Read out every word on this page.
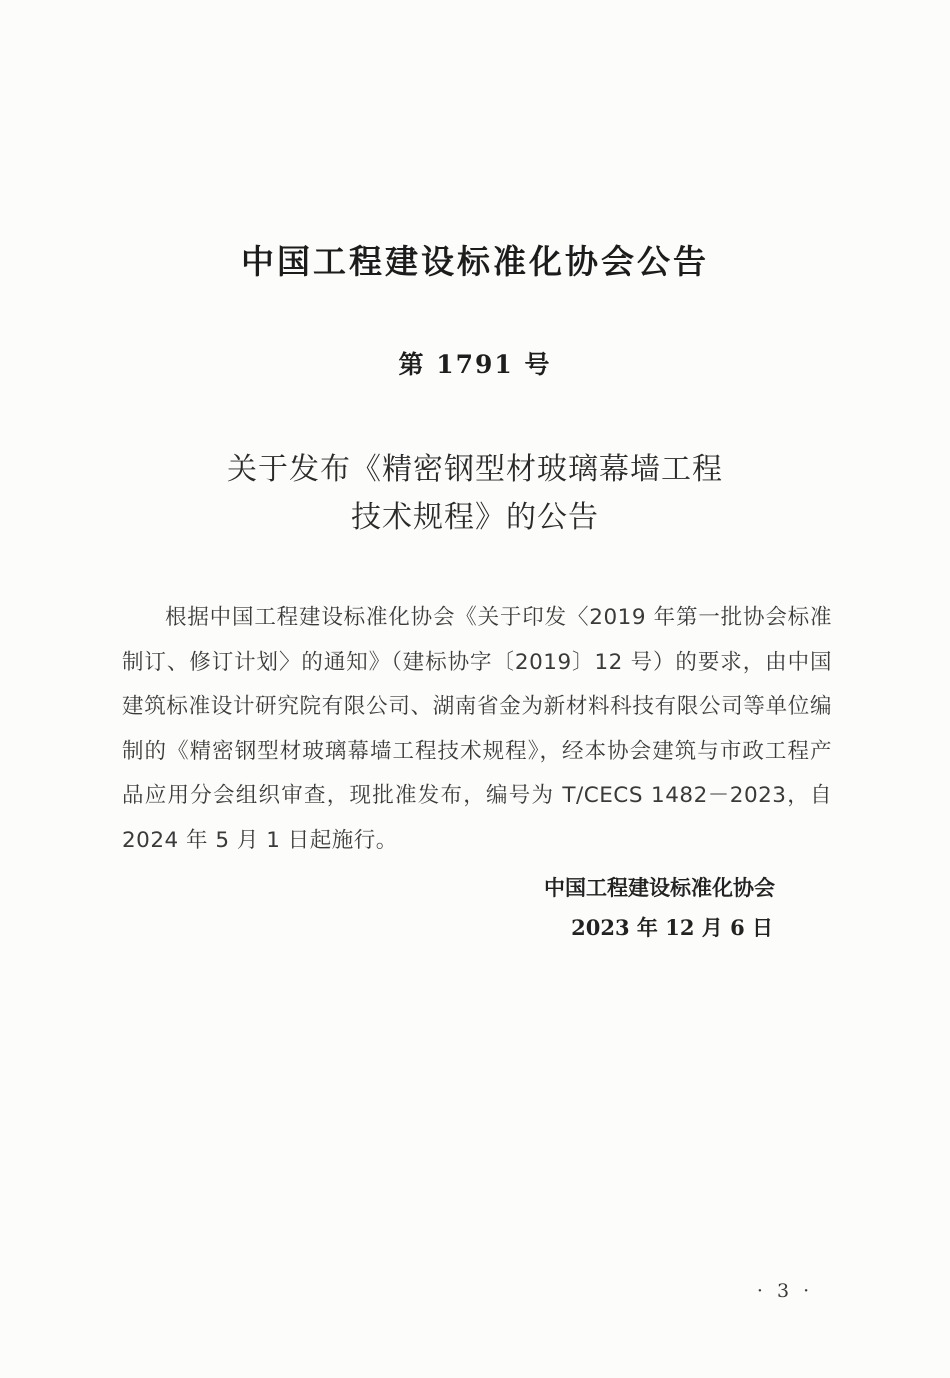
中国工程建设标准化协会公告
第 1791 号
关于发布《精密钢型材玻璃幕墙工程
技术规程》的公告
根据中国工程建设标准化协会《关于印发〈2019 年第一批协会标准制订、修订计划〉的通知》（建标协字〔2019〕12 号）的要求，由中国建筑标准设计研究院有限公司、湖南省金为新材料科技有限公司等单位编制的《精密钢型材玻璃幕墙工程技术规程》，经本协会建筑与市政工程产品应用分会组织审查，现批准发布，编号为 T/CECS 1482－2023，自 2024 年 5 月 1 日起施行。
中国工程建设标准化协会
2023 年 12 月 6 日
· 3 ·
